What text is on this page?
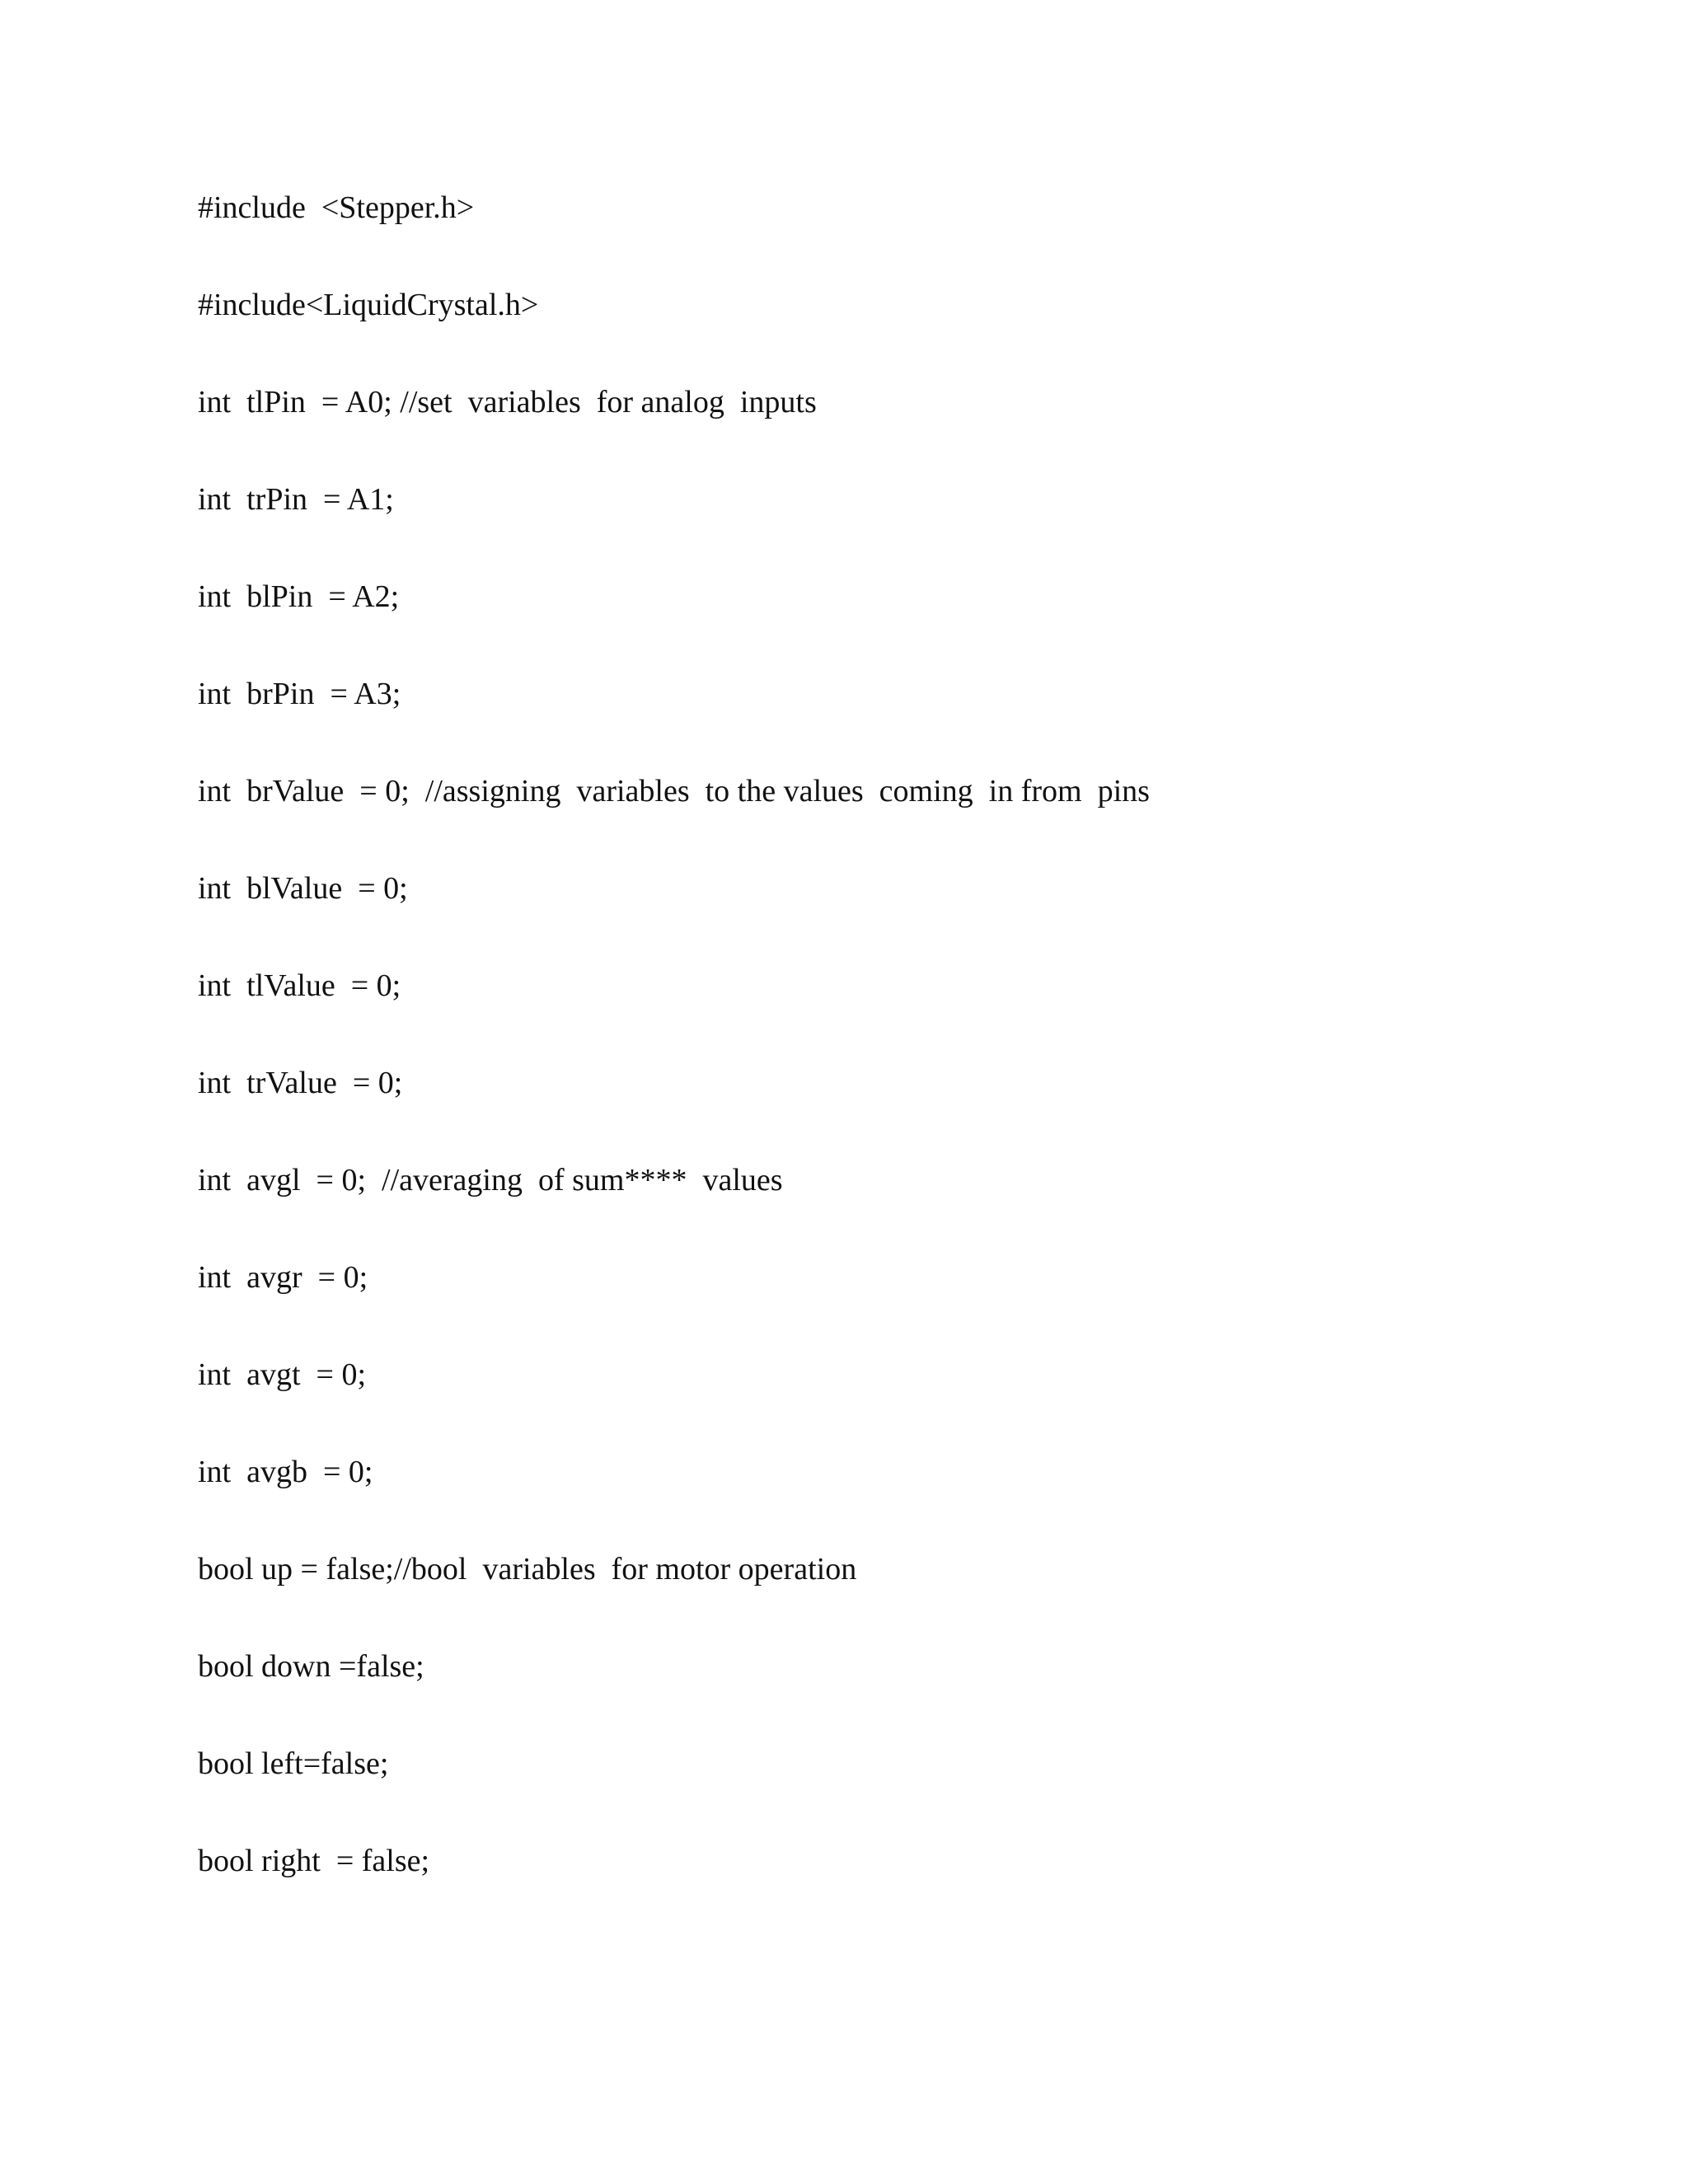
#include  <Stepper.h>
#include<LiquidCrystal.h>
int  tlPin  = A0; //set  variables  for analog  inputs
int  trPin  = A1;
int  blPin  = A2;
int  brPin  = A3;
int  brValue  = 0;  //assigning  variables  to the values  coming  in from  pins
int  blValue  = 0;
int  tlValue  = 0;
int  trValue  = 0;
int  avgl  = 0;  //averaging  of sum****  values
int  avgr  = 0;
int  avgt  = 0;
int  avgb  = 0;
bool up = false;//bool  variables  for motor operation
bool down =false;
bool left=false;
bool right  = false;
